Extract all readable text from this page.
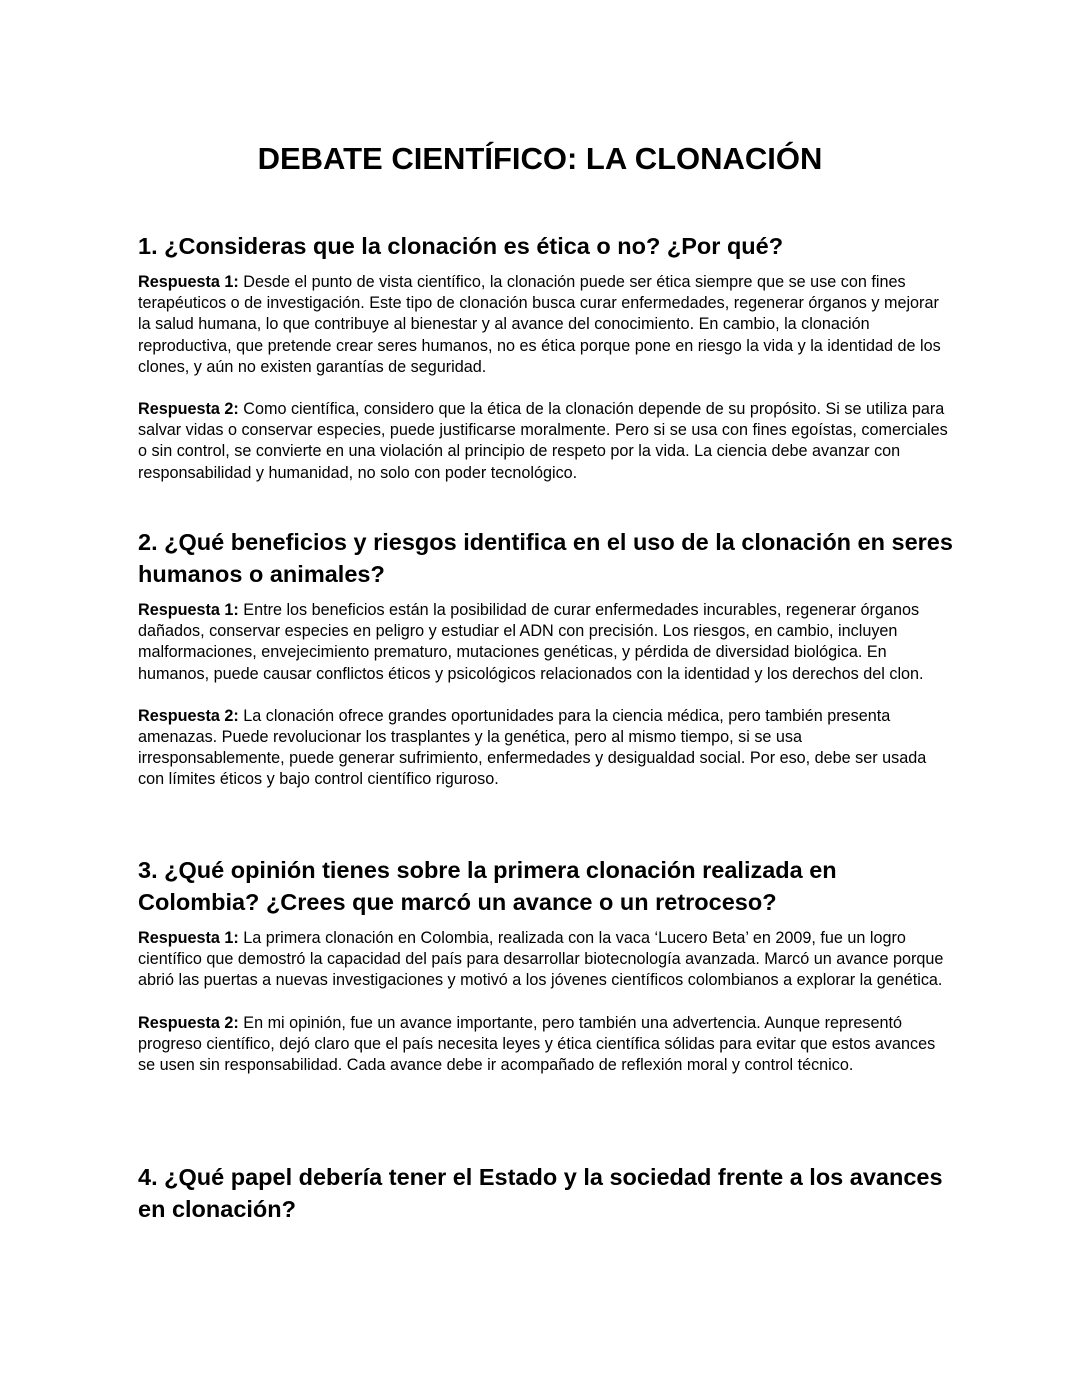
DEBATE CIENTÍFICO: LA CLONACIÓN
1. ¿Consideras que la clonación es ética o no? ¿Por qué?

Respuesta 1: Desde el punto de vista científico, la clonación puede ser ética siempre que se use con fines terapéuticos o de investigación. Este tipo de clonación busca curar enfermedades, regenerar órganos y mejorar la salud humana, lo que contribuye al bienestar y al avance del conocimiento. En cambio, la clonación reproductiva, que pretende crear seres humanos, no es ética porque pone en riesgo la vida y la identidad de los clones, y aún no existen garantías de seguridad.

Respuesta 2: Como científica, considero que la ética de la clonación depende de su propósito. Si se utiliza para salvar vidas o conservar especies, puede justificarse moralmente. Pero si se usa con fines egoístas, comerciales o sin control, se convierte en una violación al principio de respeto por la vida. La ciencia debe avanzar con responsabilidad y humanidad, no solo con poder tecnológico.

2. ¿Qué beneficios y riesgos identifica en el uso de la clonación en seres humanos o animales?

Respuesta 1: Entre los beneficios están la posibilidad de curar enfermedades incurables, regenerar órganos dañados, conservar especies en peligro y estudiar el ADN con precisión. Los riesgos, en cambio, incluyen malformaciones, envejecimiento prematuro, mutaciones genéticas, y pérdida de diversidad biológica. En humanos, puede causar conflictos éticos y psicológicos relacionados con la identidad y los derechos del clon.

Respuesta 2: La clonación ofrece grandes oportunidades para la ciencia médica, pero también presenta amenazas. Puede revolucionar los trasplantes y la genética, pero al mismo tiempo, si se usa irresponsablemente, puede generar sufrimiento, enfermedades y desigualdad social. Por eso, debe ser usada con límites éticos y bajo control científico riguroso.

3. ¿Qué opinión tienes sobre la primera clonación realizada en Colombia? ¿Crees que marcó un avance o un retroceso?

Respuesta 1: La primera clonación en Colombia, realizada con la vaca ‘Lucero Beta’ en 2009, fue un logro científico que demostró la capacidad del país para desarrollar biotecnología avanzada. Marcó un avance porque abrió las puertas a nuevas investigaciones y motivó a los jóvenes científicos colombianos a explorar la genética.

Respuesta 2: En mi opinión, fue un avance importante, pero también una advertencia. Aunque representó progreso científico, dejó claro que el país necesita leyes y ética científica sólidas para evitar que estos avances se usen sin responsabilidad. Cada avance debe ir acompañado de reflexión moral y control técnico.

4. ¿Qué papel debería tener el Estado y la sociedad frente a los avances en clonación?
